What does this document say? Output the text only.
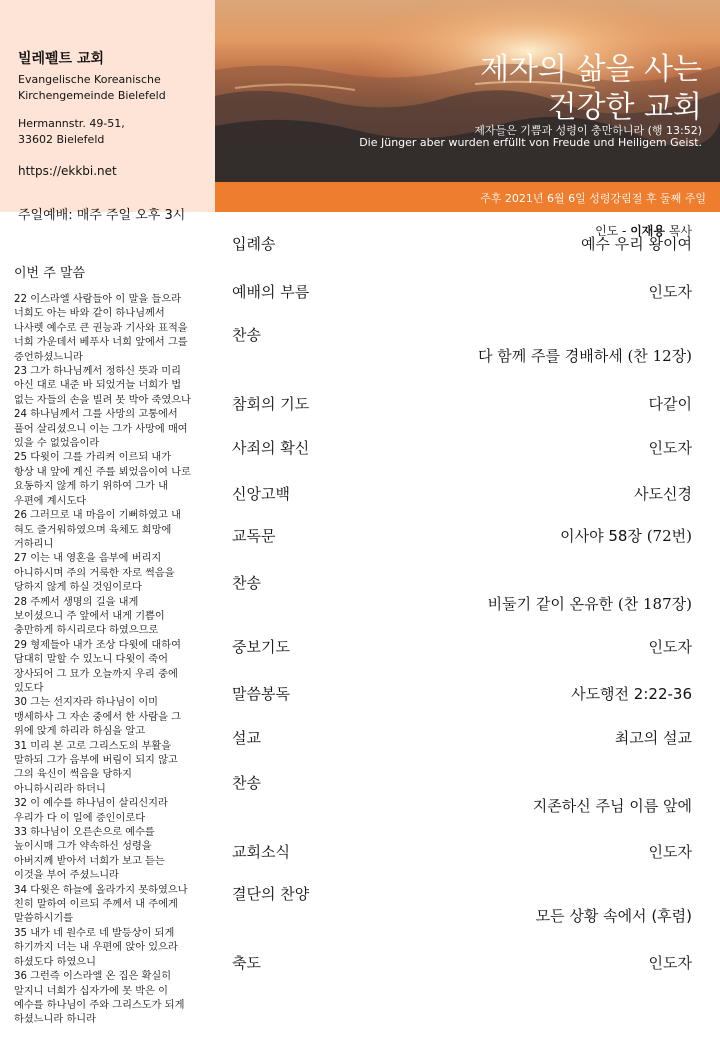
빌레펠트 교회
Evangelische Koreanische
Kirchengemeinde Bielefeld
Hermannstr. 49-51,
33602 Bielefeld
https://ekkbi.net
제자의 삶을 사는
건강한 교회
제자들은 기쁨과 성령이 충만하니라 (행 13:52)
Die Jünger aber wurden erfüllt von Freude und Heiligem Geist.
주후 2021년 6월 6일 성령강림절 후 둘째 주일
인도 - 이재용 목사
주일예배: 매주 주일 오후 3시
이번 주 말씀
22 이스라엘 사람들아 이 말을 들으라
너희도 아는 바와 같이 하나님께서
나사렛 예수로 큰 권능과 기사와 표적을
너희 가운데서 베푸사 너희 앞에서 그를
증언하셨느니라
23 그가 하나님께서 정하신 뜻과 미리
아신 대로 내준 바 되었거늘 너희가 법
없는 자들의 손을 빌려 못 박아 죽였으나
24 하나님께서 그를 사망의 고통에서
풀어 살리셨으니 이는 그가 사망에 매여
있을 수 없었음이라
25 다윗이 그를 가리켜 이르되 내가
항상 내 앞에 계신 주를 뵈었음이여 나로
요동하지 않게 하기 위하여 그가 내
우편에 계시도다
26 그러므로 내 마음이 기뻐하였고 내
혀도 즐거워하였으며 육체도 희망에
거하리니
27 이는 내 영혼을 음부에 버리지
아니하시며 주의 거룩한 자로 썩음을
당하지 않게 하실 것임이로다
28 주께서 생명의 길을 내게
보이셨으니 주 앞에서 내게 기쁨이
충만하게 하시리로다 하였으므로
29 형제들아 내가 조상 다윗에 대하여
담대히 말할 수 있노니 다윗이 죽어
장사되어 그 묘가 오늘까지 우리 중에
있도다
30 그는 선지자라 하나님이 이미
맹세하사 그 자손 중에서 한 사람을 그
위에 앉게 하리라 하심을 알고
31 미리 본 고로 그리스도의 부활을
말하되 그가 음부에 버림이 되지 않고
그의 육신이 썩음을 당하지
아니하시리라 하더니
32 이 예수를 하나님이 살리신지라
우리가 다 이 일에 증인이로다
33 하나님이 오른손으로 예수를
높이시매 그가 약속하신 성령을
아버지께 받아서 너희가 보고 듣는
이것을 부어 주셨느니라
34 다윗은 하늘에 올라가지 못하였으나
친히 말하여 이르되 주께서 내 주에게
말씀하시기를
35 내가 네 원수로 네 발등상이 되게
하기까지 너는 내 우편에 앉아 있으라
하셨도다 하였으니
36 그런즉 이스라엘 온 집은 확실히
알지니 너희가 십자가에 못 박은 이
예수를 하나님이 주와 그리스도가 되게
하셨느니라 하니라
입례송	예수 우리 왕이여
예배의 부름	인도자
찬송
다 함께 주를 경배하세 (찬 12장)
참회의 기도	다같이
사죄의 확신	인도자
신앙고백	사도신경
교독문	이사야 58장 (72번)
찬송
비둘기 같이 온유한 (찬 187장)
중보기도	인도자
말씀봉독	사도행전 2:22-36
설교	최고의 설교
찬송
지존하신 주님 이름 앞에
교회소식	인도자
결단의 찬양
모든 상황 속에서 (후렴)
축도	인도자
